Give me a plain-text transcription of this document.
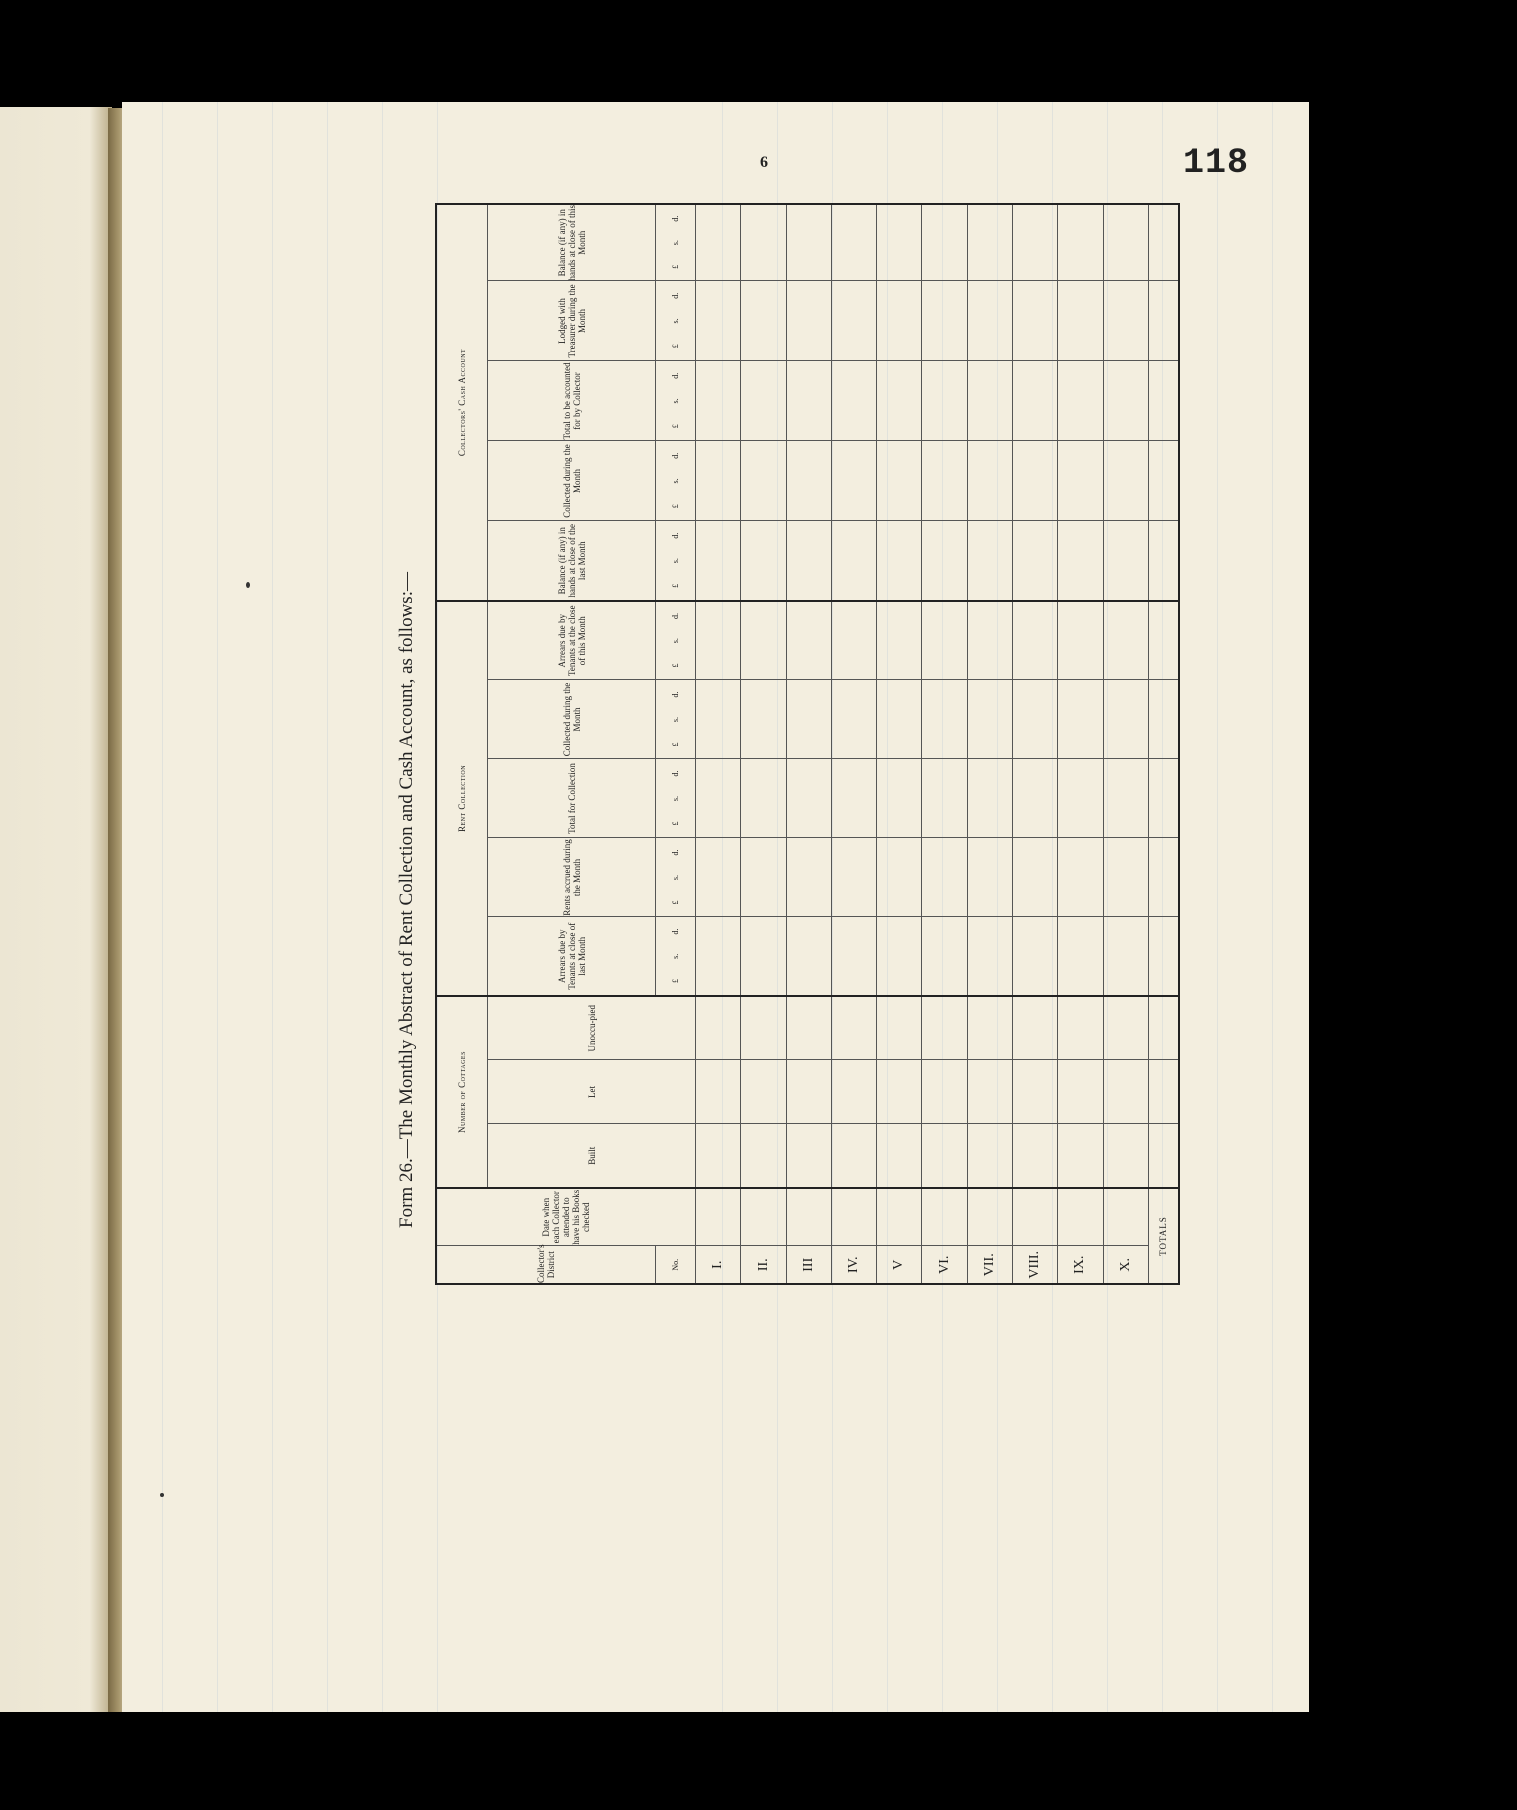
6	118
Form 26.—The Monthly Abstract of Rent Collection and Cash Account, as follows:—
Collector's District	Date when each Collector attended to have his Books checked	Number of Cottages			Rent Collection					Collectors' Cash Account				
		Built	Let	Unoccu-pied	Arrears due by Tenants at close of last Month	Rents accrued during the Month	Total for Collection	Collected during the Month	Arrears due by Tenants at the close of this Month	Balance (if any) in hands at close of the last Month	Collected during the Month	Total to be accounted for by Collector	Lodged with Treasurer during the Month	Balance (if any) in hands at close of this Month
No.					£s.d.	£s.d.	£s.d.	£s.d.	£s.d.	£s.d.	£s.d.	£s.d.	£s.d.	£s.d.
I.														
II.														
III														
IV.														
V														
VI.														
VII.														
VIII.														
IX.														
X.														
TOTALS														
